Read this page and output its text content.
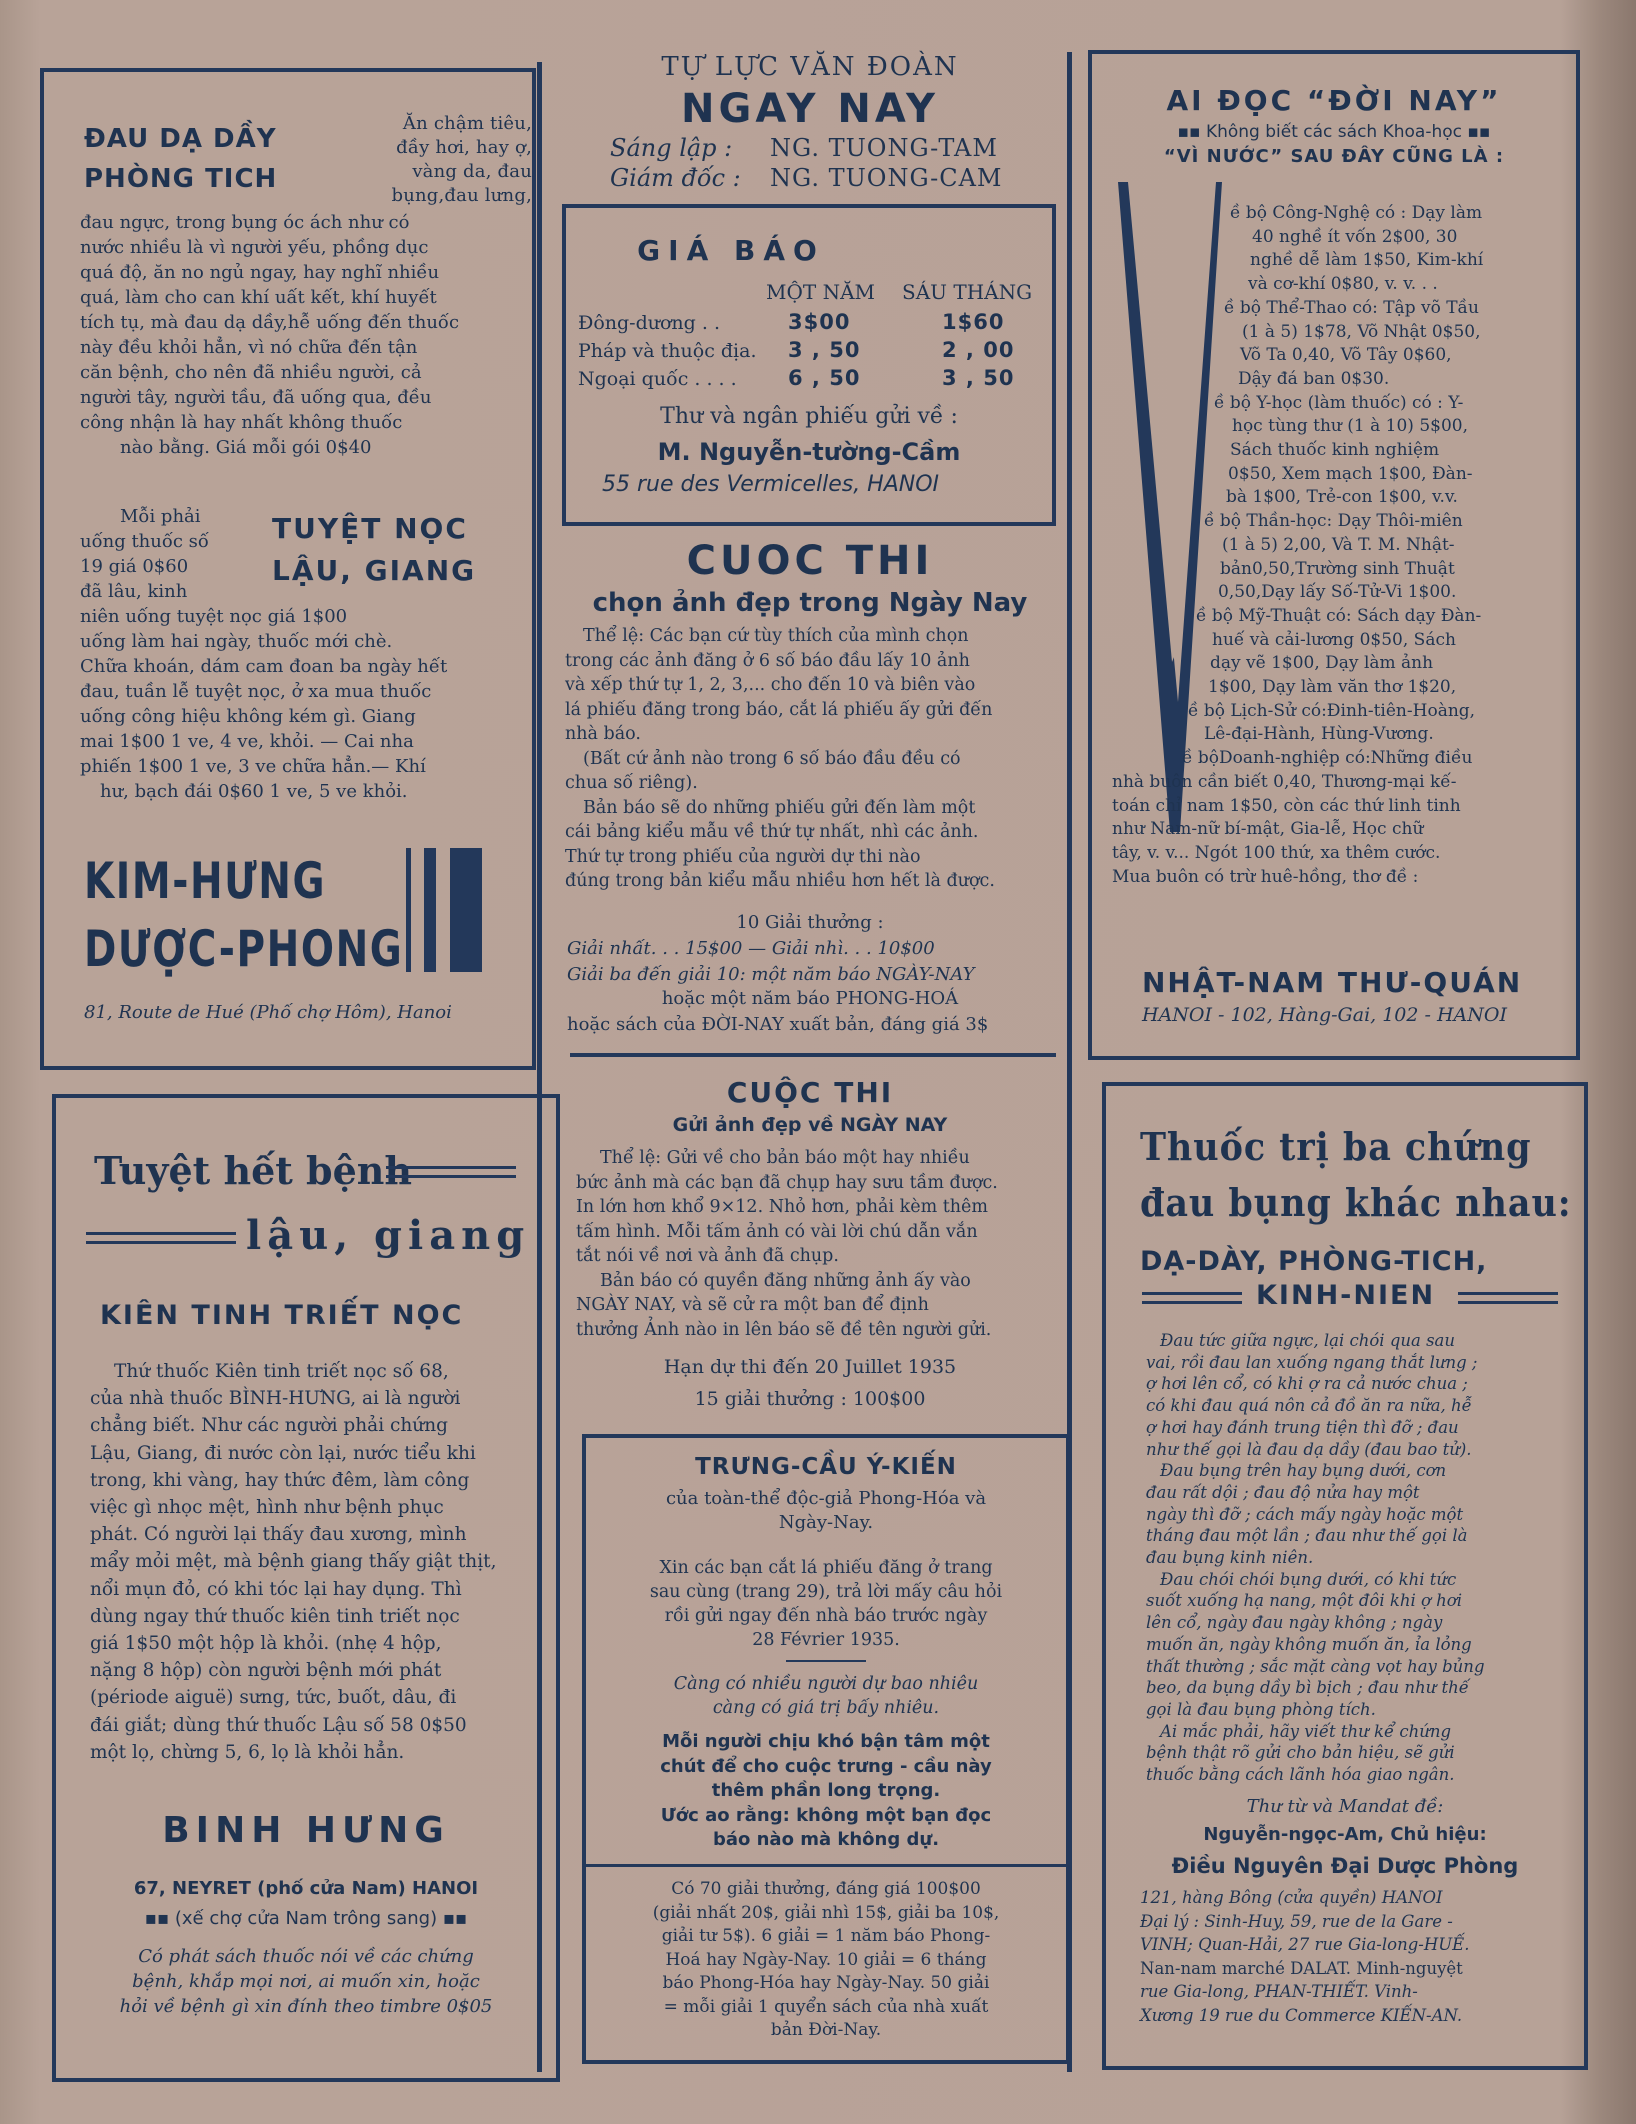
ĐAU DẠ DẦY
PHÒNG TICH
Ăn chậm tiêu,
đầy hơi, hay ợ,
vàng da, đau
bụng,đau lưng,
đau ngực, trong bụng óc ách như có
nước nhiều là vì người yếu, phồng dục
quá độ, ăn no ngủ ngay, hay nghĩ nhiều
quá, làm cho can khí uất kết, khí huyết
tích tụ, mà đau dạ dầy,hễ uống đến thuốc
này đều khỏi hẳn, vì nó chữa đến tận
căn bệnh, cho nên đã nhiều người, cả
người tây, người tầu, đã uống qua, đều
công nhận là hay nhất không thuốc
nào bằng. Giá mỗi gói 0$40
Mỗi phải
uống thuốc số
19 giá 0$60
đã lâu, kinh
TUYỆT NỌC
LẬU, GIANG
niên uống tuyệt nọc giá 1$00
uống làm hai ngày, thuốc mới chè.
Chữa khoán, dám cam đoan ba ngày hết
đau, tuần lễ tuyệt nọc, ở xa mua thuốc
uống công hiệu không kém gì. Giang
mai 1$00 1 ve, 4 ve, khỏi. — Cai nha
phiến 1$00 1 ve, 3 ve chữa hẳn.— Khí
hư, bạch đái 0$60 1 ve, 5 ve khỏi.
KIM-HƯNG
DƯỢC-PHONG
81, Route de Hué (Phố chợ Hôm), Hanoi
Tuyệt hết bệnh
lậu, giang
KIÊN TINH TRIẾT NỌC
Thứ thuốc Kiên tinh triết nọc số 68,
của nhà thuốc BÌNH-HƯNG, ai là người
chẳng biết. Như các người phải chứng
Lậu, Giang, đi nước còn lại, nước tiểu khi
trong, khi vàng, hay thức đêm, làm công
việc gì nhọc mệt, hình như bệnh phục
phát. Có người lại thấy đau xương, mình
mẩy mỏi mệt, mà bệnh giang thấy giật thịt,
nổi mụn đỏ, có khi tóc lại hay dụng. Thì
dùng ngay thứ thuốc kiên tinh triết nọc
giá 1$50 một hộp là khỏi. (nhẹ 4 hộp,
nặng 8 hộp) còn người bệnh mới phát
(période aiguë) sưng, tức, buốt, dâu, đi
đái giắt; dùng thứ thuốc Lậu số 58 0$50
một lọ, chừng 5, 6, lọ là khỏi hẳn.
BINH HƯNG
67, NEYRET (phố cửa Nam) HANOI
▪▪ (xế chợ cửa Nam trông sang) ▪▪
Có phát sách thuốc nói về các chứng
bệnh, khắp mọi nơi, ai muốn xin, hoặc
hỏi về bệnh gì xin đính theo timbre 0$05
TỰ LỰC VĂN ĐOÀN
NGAY NAY
Sáng lập : NG. TUONG-TAM
Giám đốc : NG. TUONG-CAM
GIÁ BÁO
MỘT NĂM SÁU THÁNG
Đông-dương . .	3$00	1$60
Pháp và thuộc địa. 3 , 50	2 , 00
Ngoại quốc . . . . 6 , 50	3 , 50
Thư và ngân phiếu gửi về :
M. Nguyễn-tường-Cầm
55 rue des Vermicelles, HANOI
CUOC THI
chọn ảnh đẹp trong Ngày Nay
Thể lệ: Các bạn cứ tùy thích của mình chọn
trong các ảnh đăng ở 6 số báo đầu lấy 10 ảnh
và xếp thứ tự 1, 2, 3,... cho đến 10 và biên vào
lá phiếu đăng trong báo, cắt lá phiếu ấy gửi đến
nhà báo.
(Bất cứ ảnh nào trong 6 số báo đầu đều có
chua số riêng).
Bản báo sẽ do những phiếu gửi đến làm một
cái bảng kiểu mẫu về thứ tự nhất, nhì các ảnh.
Thứ tự trong phiếu của người dự thi nào
đúng trong bản kiểu mẫu nhiều hơn hết là được.
10 Giải thưởng :
Giải nhất. . . 15$00 — Giải nhì. . . 10$00
Giải ba đến giải 10: một năm báo NGÀY-NAY
hoặc một năm báo PHONG-HOÁ
hoặc sách của ĐỜI-NAY xuất bản, đáng giá 3$
CUỘC THI
Gửi ảnh đẹp về NGÀY NAY
Thể lệ: Gửi về cho bản báo một hay nhiều
bức ảnh mà các bạn đã chụp hay sưu tầm được.
In lớn hơn khổ 9×12. Nhỏ hơn, phải kèm thêm
tấm hình. Mỗi tấm ảnh có vài lời chú dẫn vắn
tắt nói về nơi và ảnh đã chụp.
Bản báo có quyền đăng những ảnh ấy vào
NGÀY NAY, và sẽ cử ra một ban để định
thưởng Ảnh nào in lên báo sẽ đề tên người gửi.
Hạn dự thi đến 20 Juillet 1935
15 giải thưởng : 100$00
TRƯNG-CẦU Ý-KIẾN
của toàn-thể độc-giả Phong-Hóa và
Ngày-Nay.
Xin các bạn cắt lá phiếu đăng ở trang
sau cùng (trang 29), trả lời mấy câu hỏi
rồi gửi ngay đến nhà báo trước ngày
28 Février 1935.
Càng có nhiều người dự bao nhiêu
càng có giá trị bấy nhiêu.
Mỗi người chịu khó bận tâm một
chút để cho cuộc trưng - cầu này
thêm phần long trọng.
Ước ao rằng: không một bạn đọc
báo nào mà không dự.
Có 70 giải thưởng, đáng giá 100$00
(giải nhất 20$, giải nhì 15$, giải ba 10$,
giải tư 5$). 6 giải = 1 năm báo Phong-
Hoá hay Ngày-Nay. 10 giải = 6 tháng
báo Phong-Hóa hay Ngày-Nay. 50 giải
= mỗi giải 1 quyển sách của nhà xuất
bản Đời-Nay.
AI ĐỌC “ĐỜI NAY”
▪▪ Không biết các sách Khoa-học ▪▪
“VÌ NƯỚC” SAU ĐÂY CŨNG LÀ :
ề bộ Công-Nghệ có : Dạy làm
40 nghề ít vốn 2$00, 30
nghề dễ làm 1$50, Kim-khí
và cơ-khí 0$80, v. v. . .
ề bộ Thể-Thao có: Tập võ Tầu
(1 à 5) 1$78, Võ Nhật 0$50,
Võ Ta 0,40, Võ Tây 0$60,
Dậy đá ban 0$30.
ề bộ Y-học (làm thuốc) có : Y-
học tùng thư (1 à 10) 5$00,
Sách thuốc kinh nghiệm
0$50, Xem mạch 1$00, Đàn-
bà 1$00, Trẻ-con 1$00, v.v.
ề bộ Thần-học: Dạy Thôi-miên
(1 à 5) 2,00, Và T. M. Nhật-
bản0,50,Trường sinh Thuật
0,50,Dạy lấy Số-Tử-Vi 1$00.
ề bộ Mỹ-Thuật có: Sách dạy Đàn-
huế và cải-lương 0$50, Sách
dạy vẽ 1$00, Dạy làm ảnh
1$00, Dạy làm văn thơ 1$20,
ề bộ Lịch-Sử có:Đinh-tiên-Hoàng,
Lê-đại-Hành, Hùng-Vương.
ề bộDoanh-nghiệp có:Những điều
nhà buôn cần biết 0,40, Thương-mại kế-
toán chỉ nam 1$50, còn các thứ linh tinh
như Nam-nữ bí-mật, Gia-lễ, Học chữ
tây, v. v... Ngót 100 thứ, xa thêm cước.
Mua buôn có trừ huê-hồng, thơ đề :
NHẬT-NAM THƯ-QUÁN
HANOI - 102, Hàng-Gai, 102 - HANOI
Thuốc trị ba chứng
đau bụng khác nhau:
DẠ-DÀY, PHÒNG-TICH,
KINH-NIEN
Đau tức giữa ngực, lại chói qua sau
vai, rồi đau lan xuống ngang thắt lưng ;
ợ hơi lên cổ, có khi ợ ra cả nước chua ;
có khi đau quá nôn cả đồ ăn ra nữa, hễ
ợ hơi hay đánh trung tiện thì đỡ ; đau
như thế gọi là đau dạ dầy (đau bao tử).
Đau bụng trên hay bụng dưới, cơn
đau rất dội ; đau độ nửa hay một
ngày thì đỡ ; cách mấy ngày hoặc một
tháng đau một lần ; đau như thế gọi là
đau bụng kinh niên.
Đau chói chói bụng dưới, có khi tức
suốt xuống hạ nang, một đôi khi ợ hơi
lên cổ, ngày đau ngày không ; ngày
muốn ăn, ngày không muốn ăn, ỉa lỏng
thất thường ; sắc mặt càng vọt hay bủng
beo, da bụng dầy bì bịch ; đau như thế
gọi là đau bụng phòng tích.
Ai mắc phải, hãy viết thư kể chứng
bệnh thật rõ gửi cho bản hiệu, sẽ gửi
thuốc bằng cách lãnh hóa giao ngân.
Thư từ và Mandat đề:
Nguyễn-ngọc-Am, Chủ hiệu:
Điều Nguyên Đại Dược Phòng
121, hàng Bông (cửa quyền) HANOI
Đại lý : Sinh-Huy, 59, rue de la Gare -
VINH; Quan-Hải, 27 rue Gia-long-HUẾ.
Nan-nam marché DALAT. Minh-nguyệt
rue Gia-long, PHAN-THIẾT. Vinh-
Xương 19 rue du Commerce KIẾN-AN.
